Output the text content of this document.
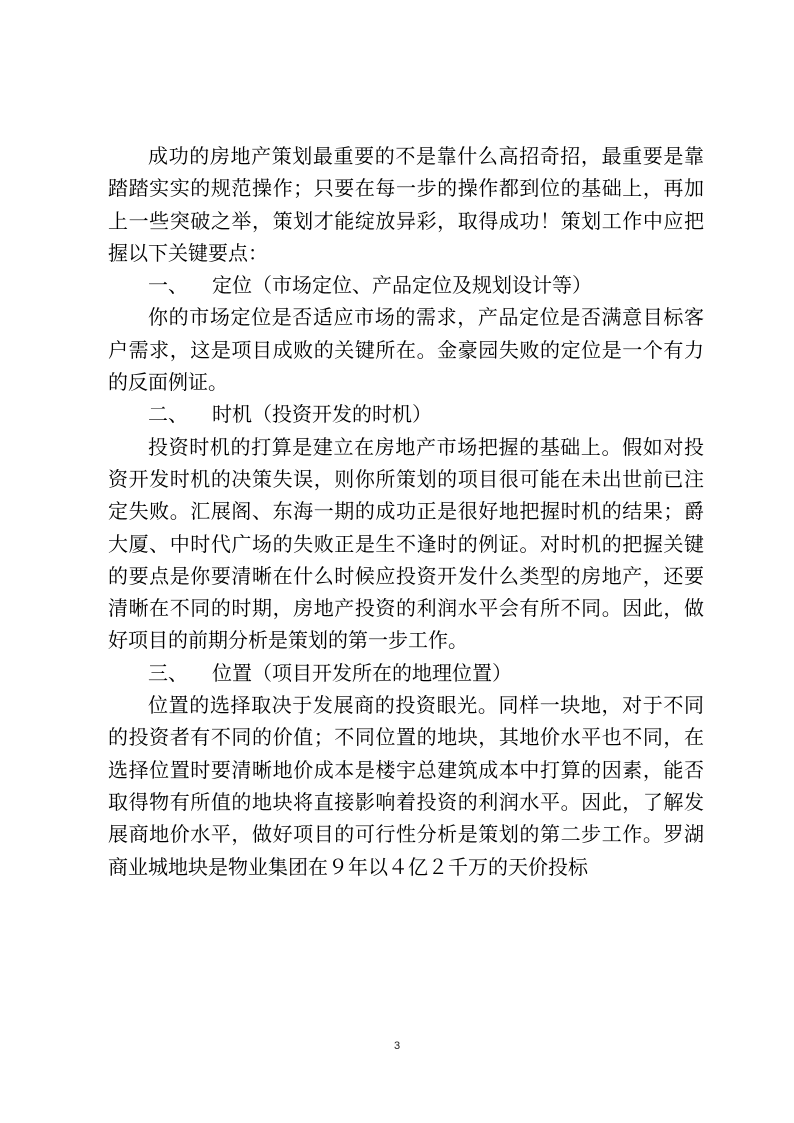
成功的房地产策划最重要的不是靠什么高招奇招，最重要是靠踏踏实实的规范操作；只要在每一步的操作都到位的基础上，再加上一些突破之举，策划才能绽放异彩，取得成功！策划工作中应把握以下关键要点：

一、 定位（市场定位、产品定位及规划设计等）

你的市场定位是否适应市场的需求，产品定位是否满意目标客户需求，这是项目成败的关键所在。金豪园失败的定位是一个有力的反面例证。

二、 时机（投资开发的时机）

投资时机的打算是建立在房地产市场把握的基础上。假如对投资开发时机的决策失误，则你所策划的项目很可能在未出世前已注定失败。汇展阁、东海一期的成功正是很好地把握时机的结果；爵大厦、中时代广场的失败正是生不逢时的例证。对时机的把握关键的要点是你要清晰在什么时候应投资开发什么类型的房地产，还要清晰在不同的时期，房地产投资的利润水平会有所不同。因此，做好项目的前期分析是策划的第一步工作。

三、 位置（项目开发所在的地理位置）

位置的选择取决于发展商的投资眼光。同样一块地，对于不同的投资者有不同的价值；不同位置的地块，其地价水平也不同，在选择位置时要清晰地价成本是楼宇总建筑成本中打算的因素，能否取得物有所值的地块将直接影响着投资的利润水平。因此，了解发展商地价水平，做好项目的可行性分析是策划的第二步工作。罗湖商业城地块是物业集团在９年以４亿２千万的天价投标

3
